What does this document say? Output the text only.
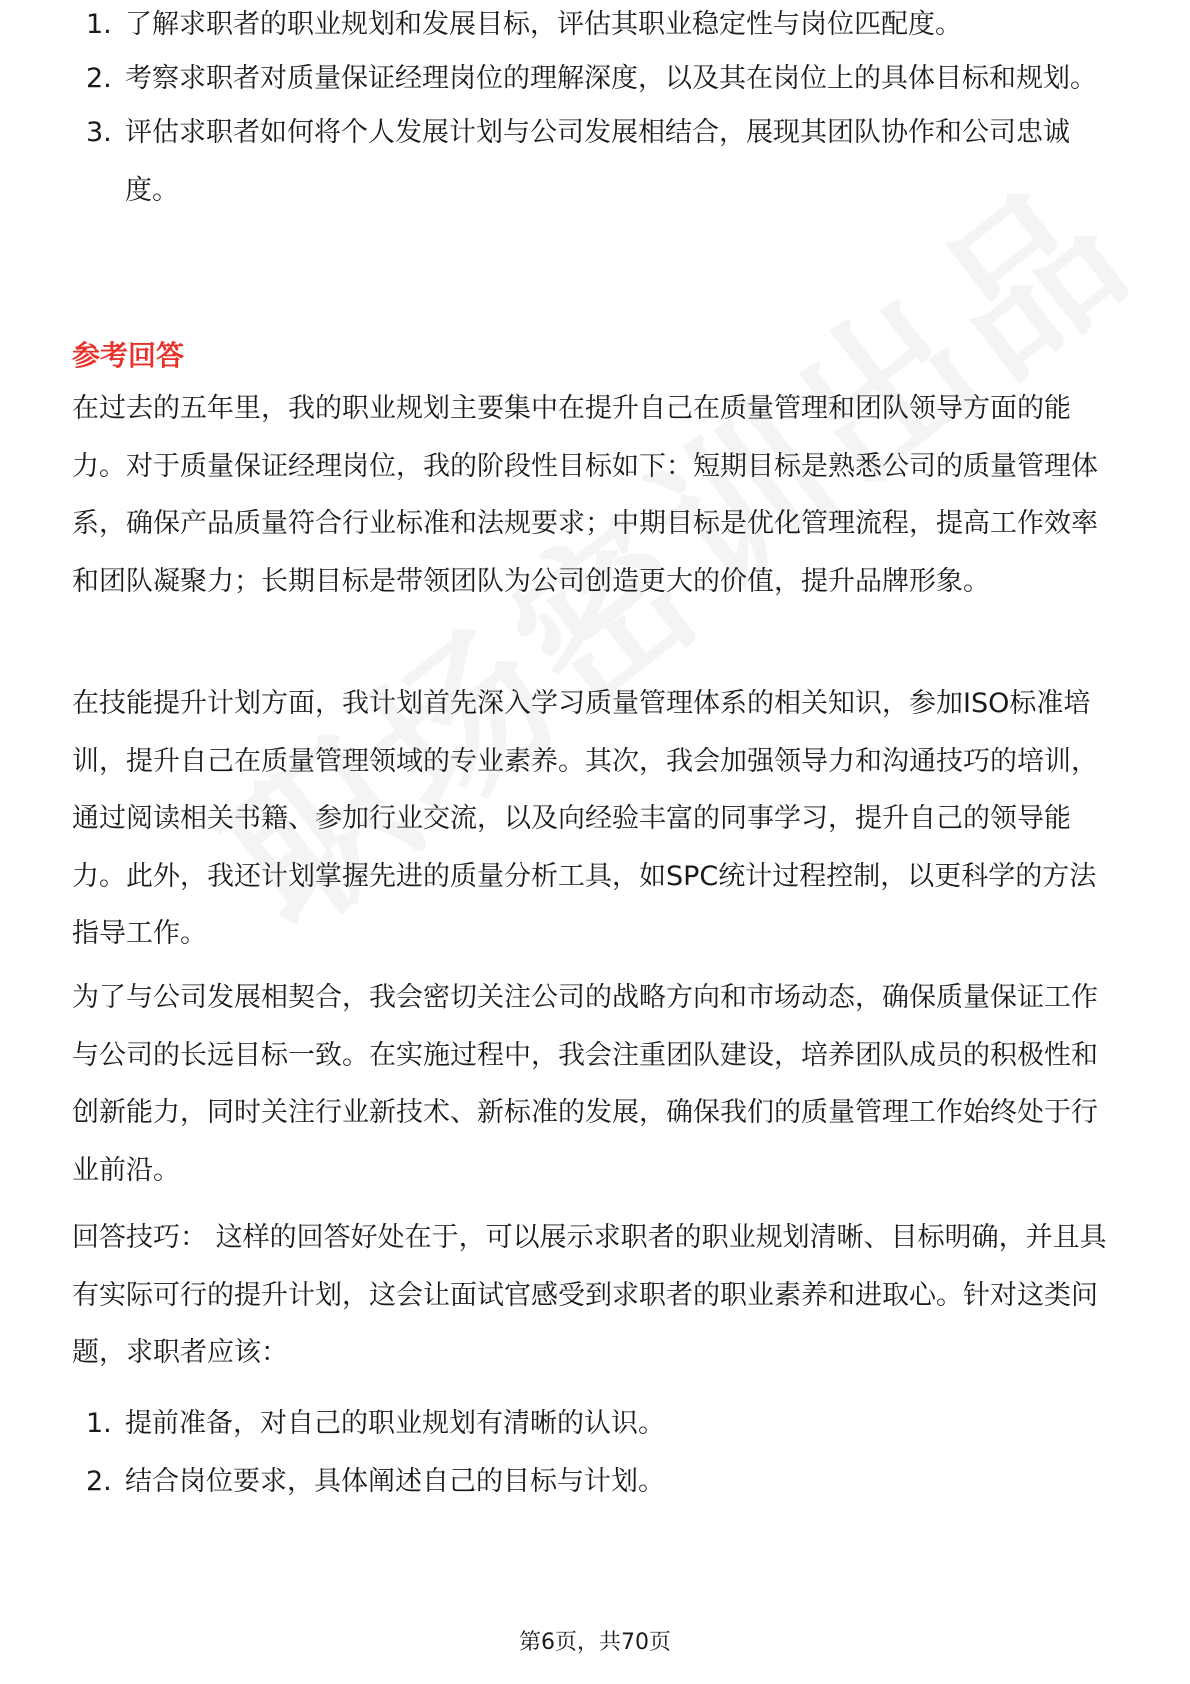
1. 了解求职者的职业规划和发展目标，评估其职业稳定性与岗位匹配度。
2. 考察求职者对质量保证经理岗位的理解深度，以及其在岗位上的具体目标和规划。
3. 评估求职者如何将个人发展计划与公司发展相结合，展现其团队协作和公司忠诚度。
参考回答

在过去的五年里，我的职业规划主要集中在提升自己在质量管理和团队领导方面的能力。对于质量保证经理岗位，我的阶段性目标如下：短期目标是熟悉公司的质量管理体系，确保产品质量符合行业标准和法规要求；中期目标是优化管理流程，提高工作效率和团队凝聚力；长期目标是带领团队为公司创造更大的价值，提升品牌形象。

在技能提升计划方面，我计划首先深入学习质量管理体系的相关知识，参加ISO标准培训，提升自己在质量管理领域的专业素养。其次，我会加强领导力和沟通技巧的培训，通过阅读相关书籍、参加行业交流，以及向经验丰富的同事学习，提升自己的领导能力。此外，我还计划掌握先进的质量分析工具，如SPC统计过程控制，以更科学的方法指导工作。

为了与公司发展相契合，我会密切关注公司的战略方向和市场动态，确保质量保证工作与公司的长远目标一致。在实施过程中，我会注重团队建设，培养团队成员的积极性和创新能力，同时关注行业新技术、新标准的发展，确保我们的质量管理工作始终处于行业前沿。

回答技巧： 这样的回答好处在于，可以展示求职者的职业规划清晰、目标明确，并且具有实际可行的提升计划，这会让面试官感受到求职者的职业素养和进取心。针对这类问题，求职者应该：

1. 提前准备，对自己的职业规划有清晰的认识。
2. 结合岗位要求，具体阐述自己的目标与计划。
第6页，共70页
